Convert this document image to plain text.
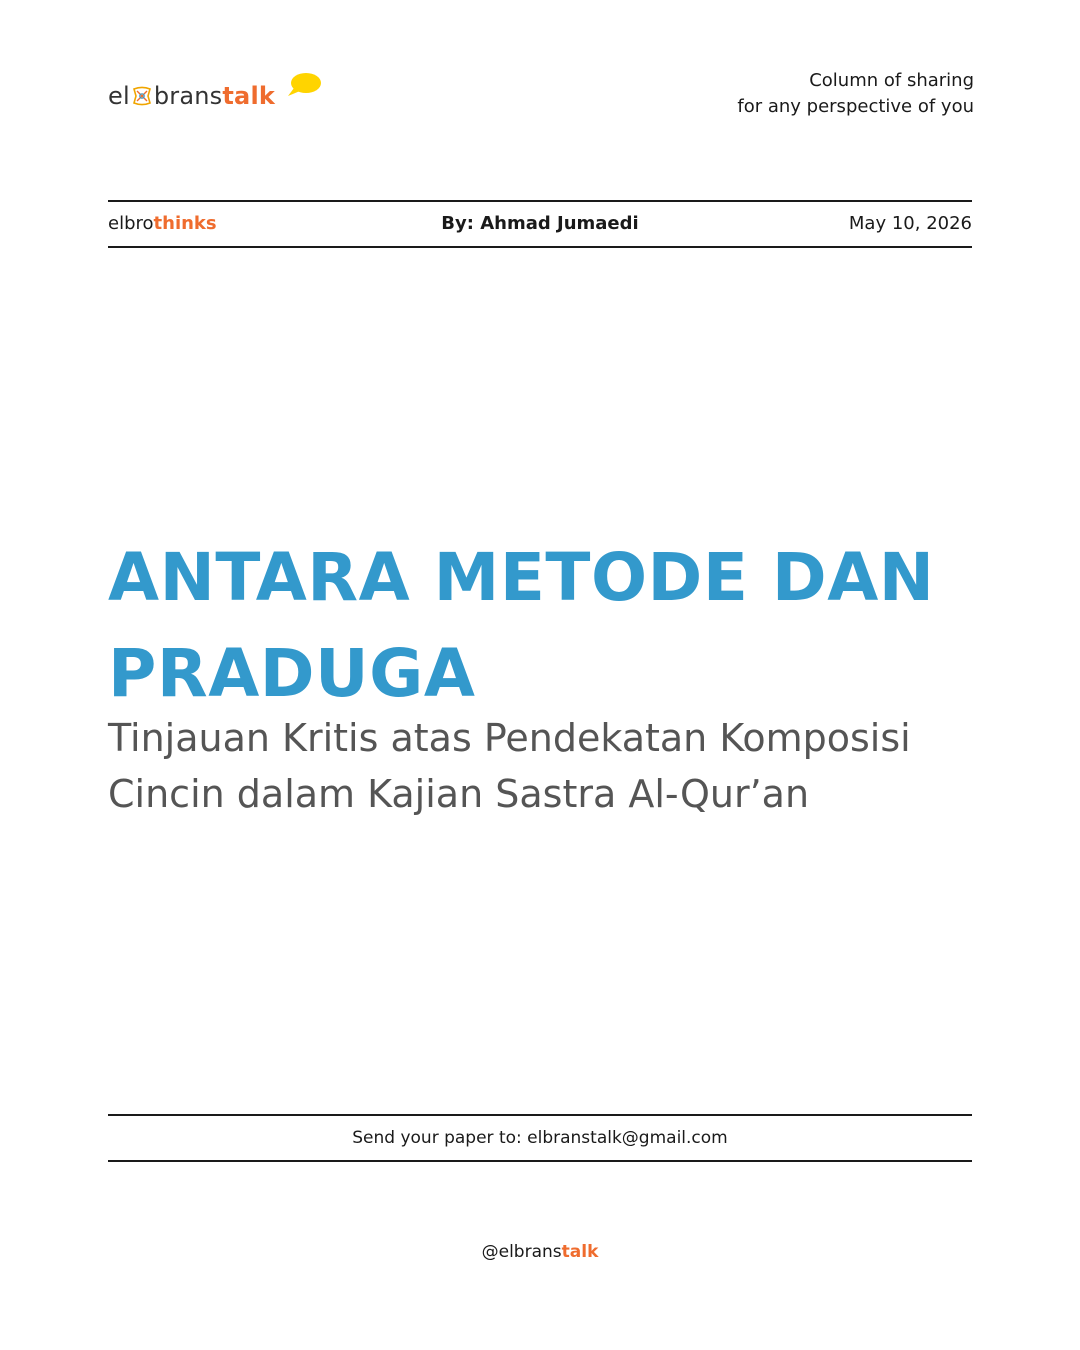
el branstalk
Column of sharing
for any perspective of you
elbrothinks	By: Ahmad Jumaedi	May 10, 2026
ANTARA METODE DAN PRADUGA
Tinjauan Kritis atas Pendekatan Komposisi Cincin dalam Kajian Sastra Al-Qur’an
Send your paper to: elbranstalk@gmail.com
@elbranstalk
